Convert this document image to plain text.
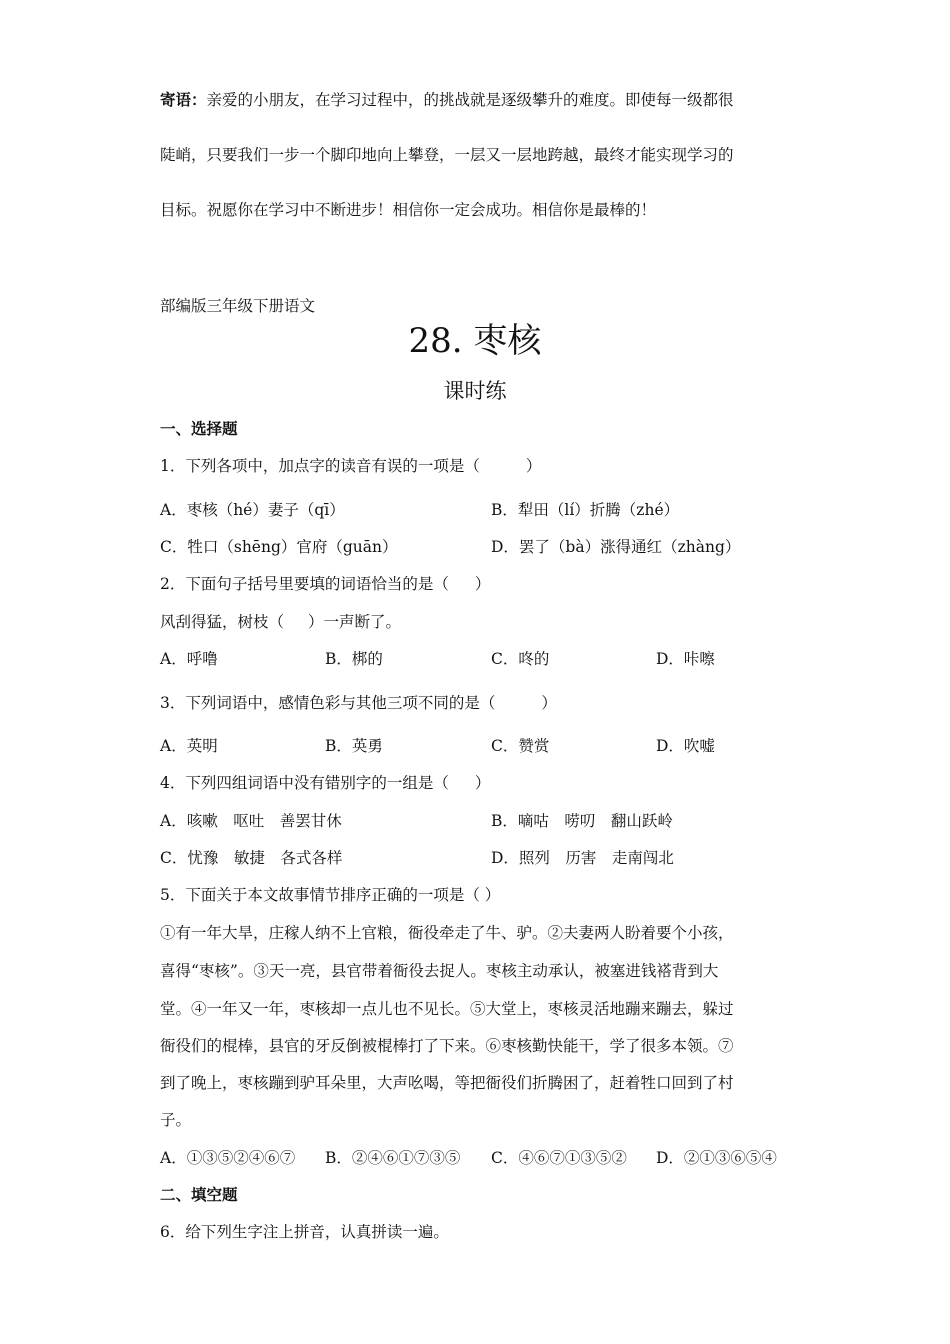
寄语：亲爱的小朋友，在学习过程中，的挑战就是逐级攀升的难度。即使每一级都很
陡峭，只要我们一步一个脚印地向上攀登，一层又一层地跨越，最终才能实现学习的
目标。祝愿你在学习中不断进步！相信你一定会成功。相信你是最棒的！
部编版三年级下册语文
28. 枣核
课时练
一、选择题
1．下列各项中，加点字的读音有误的一项是（	）
A．枣核（hé）妻子（qī）	B．犁田（lí）折腾（zhé）
C．牲口（shēng）官府（guān）	D．罢了（bà）涨得通红（zhàng）
2．下面句子括号里要填的词语恰当的是（ ）
风刮得猛，树枝（ ）一声断了。
A．呼噜	B．梆的	C．咚的	D．咔嚓
3．下列词语中，感情色彩与其他三项不同的是（	）
A．英明	B．英勇	C．赞赏	D．吹嘘
4．下列四组词语中没有错别字的一组是（ ）
A．咳嗽　呕吐　善罢甘休	B．嘀咕　唠叨　翻山跃岭
C．忧豫　敏捷　各式各样	D．照列　历害　走南闯北
5．下面关于本文故事情节排序正确的一项是（ ）
①有一年大旱，庄稼人纳不上官粮，衙役牵走了牛、驴。②夫妻两人盼着要个小孩，
喜得“枣核”。③天一亮，县官带着衙役去捉人。枣核主动承认，被塞进钱褡背到大
堂。④一年又一年，枣核却一点儿也不见长。⑤大堂上，枣核灵活地蹦来蹦去，躲过
衙役们的棍棒，县官的牙反倒被棍棒打了下来。⑥枣核勤快能干，学了很多本领。⑦
到了晚上，枣核蹦到驴耳朵里，大声吆喝，等把衙役们折腾困了，赶着牲口回到了村
子。
A．①③⑤②④⑥⑦ B．②④⑥①⑦③⑤ C．④⑥⑦①③⑤② D．②①③⑥⑤④
二、填空题
6．给下列生字注上拼音，认真拼读一遍。
